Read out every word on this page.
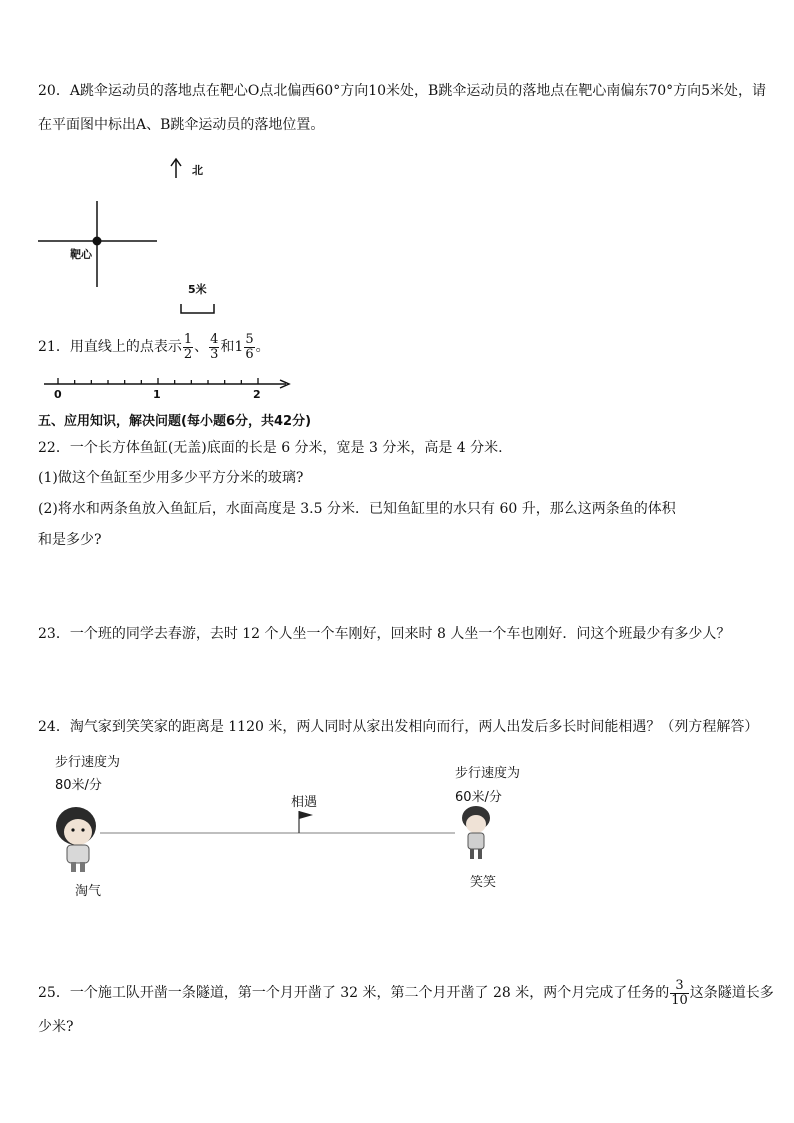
20．A跳伞运动员的落地点在靶心O点北偏西60°方向10米处，B跳伞运动员的落地点在靶心南偏东70°方向5米处，请
在平面图中标出A、B跳伞运动员的落地位置。
北
靶心
5米
21．用直线上的点表示 $\frac{1}{2}$ 、 $\frac{4}{3}$ 和$1 \frac{5}{6}$ 。
0	1	2
五、应用知识，解决问题(每小题6分，共42分)
22．一个长方体鱼缸(无盖)底面的长是 6 分米，宽是 3 分米，高是 4 分米.
(1)做这个鱼缸至少用多少平方分米的玻璃?
(2)将水和两条鱼放入鱼缸后，水面高度是 3.5 分米．已知鱼缸里的水只有 60 升，那么这两条鱼的体积
和是多少?
23．一个班的同学去春游，去时 12 个人坐一个车刚好，回来时 8 人坐一个车也刚好．问这个班最少有多少人？
24．淘气家到笑笑家的距离是 1120 米，两人同时从家出发相向而行，两人出发后多长时间能相遇？（列方程解答）
步行速度为
80米/分
步行速度为
60米/分
相遇
淘气
笑笑
25．一个施工队开凿一条隧道，第一个月开凿了 32 米，第二个月开凿了 28 米，两个月完成了任务的 $\frac{3}{10}$ 这条隧道长多
少米?
